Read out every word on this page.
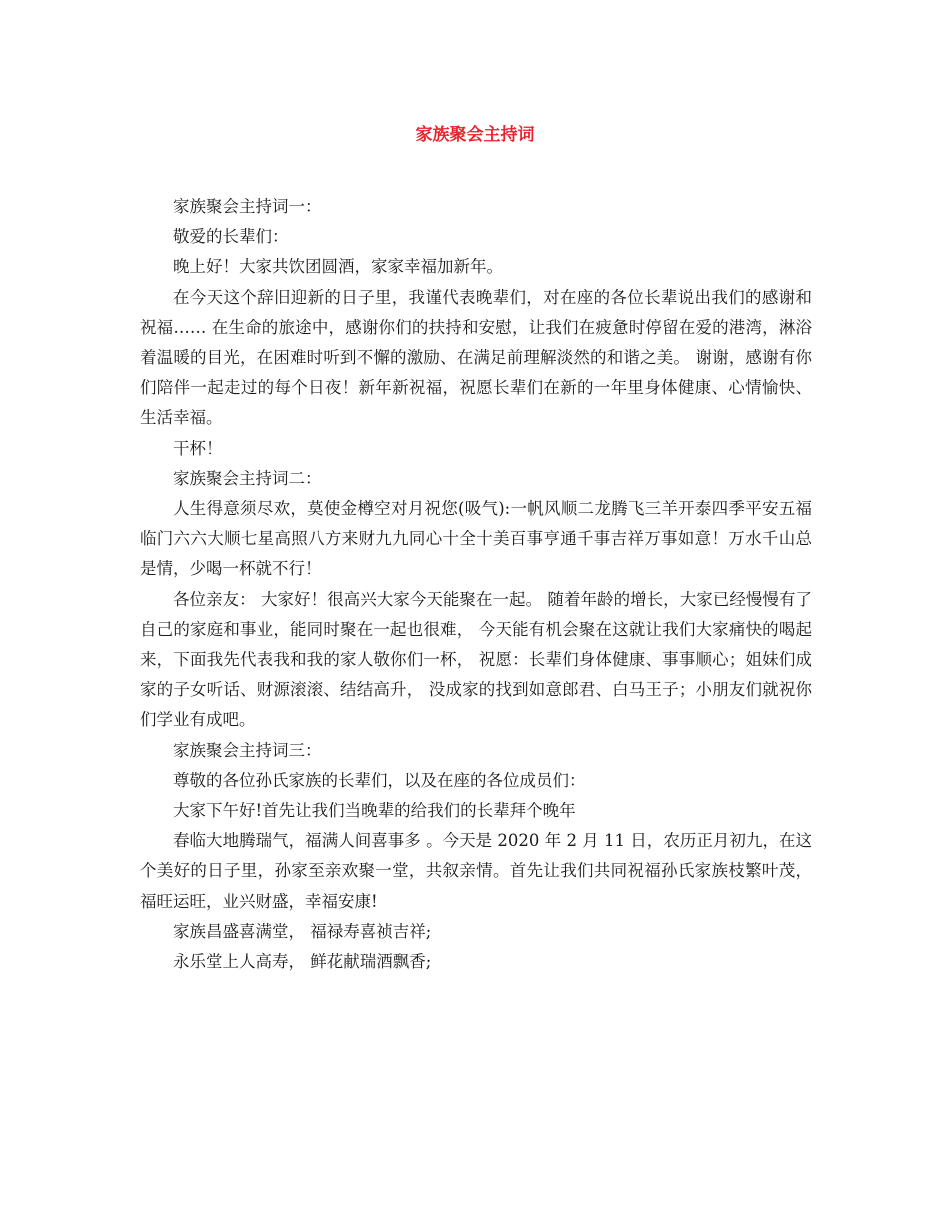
家族聚会主持词

家族聚会主持词一：

敬爱的长辈们：

晚上好！大家共饮团圆酒，家家幸福加新年。

在今天这个辞旧迎新的日子里，我谨代表晚辈们，对在座的各位长辈说出我们的感谢和祝福…… 在生命的旅途中，感谢你们的扶持和安慰，让我们在疲惫时停留在爱的港湾，淋浴着温暖的目光，在困难时听到不懈的激励、在满足前理解淡然的和谐之美。 谢谢，感谢有你们陪伴一起走过的每个日夜！新年新祝福，祝愿长辈们在新的一年里身体健康、心情愉快、生活幸福。

干杯！

家族聚会主持词二：

人生得意须尽欢，莫使金樽空对月祝您(吸气):一帆风顺二龙腾飞三羊开泰四季平安五福临门六六大顺七星高照八方来财九九同心十全十美百事亨通千事吉祥万事如意！万水千山总是情，少喝一杯就不行！

各位亲友： 大家好！很高兴大家今天能聚在一起。 随着年龄的增长，大家已经慢慢有了自己的家庭和事业，能同时聚在一起也很难， 今天能有机会聚在这就让我们大家痛快的喝起来，下面我先代表我和我的家人敬你们一杯， 祝愿：长辈们身体健康、事事顺心；姐妹们成家的子女听话、财源滚滚、结结高升， 没成家的找到如意郎君、白马王子；小朋友们就祝你们学业有成吧。

家族聚会主持词三：

尊敬的各位孙氏家族的长辈们，以及在座的各位成员们：

大家下午好!首先让我们当晚辈的给我们的长辈拜个晚年

春临大地腾瑞气，福满人间喜事多 。今天是 2020 年 2 月 11 日，农历正月初九，在这个美好的日子里，孙家至亲欢聚一堂，共叙亲情。首先让我们共同祝福孙氏家族枝繁叶茂，福旺运旺，业兴财盛，幸福安康!

家族昌盛喜满堂， 福禄寿喜祯吉祥;

永乐堂上人高寿， 鲜花献瑞酒飘香;
